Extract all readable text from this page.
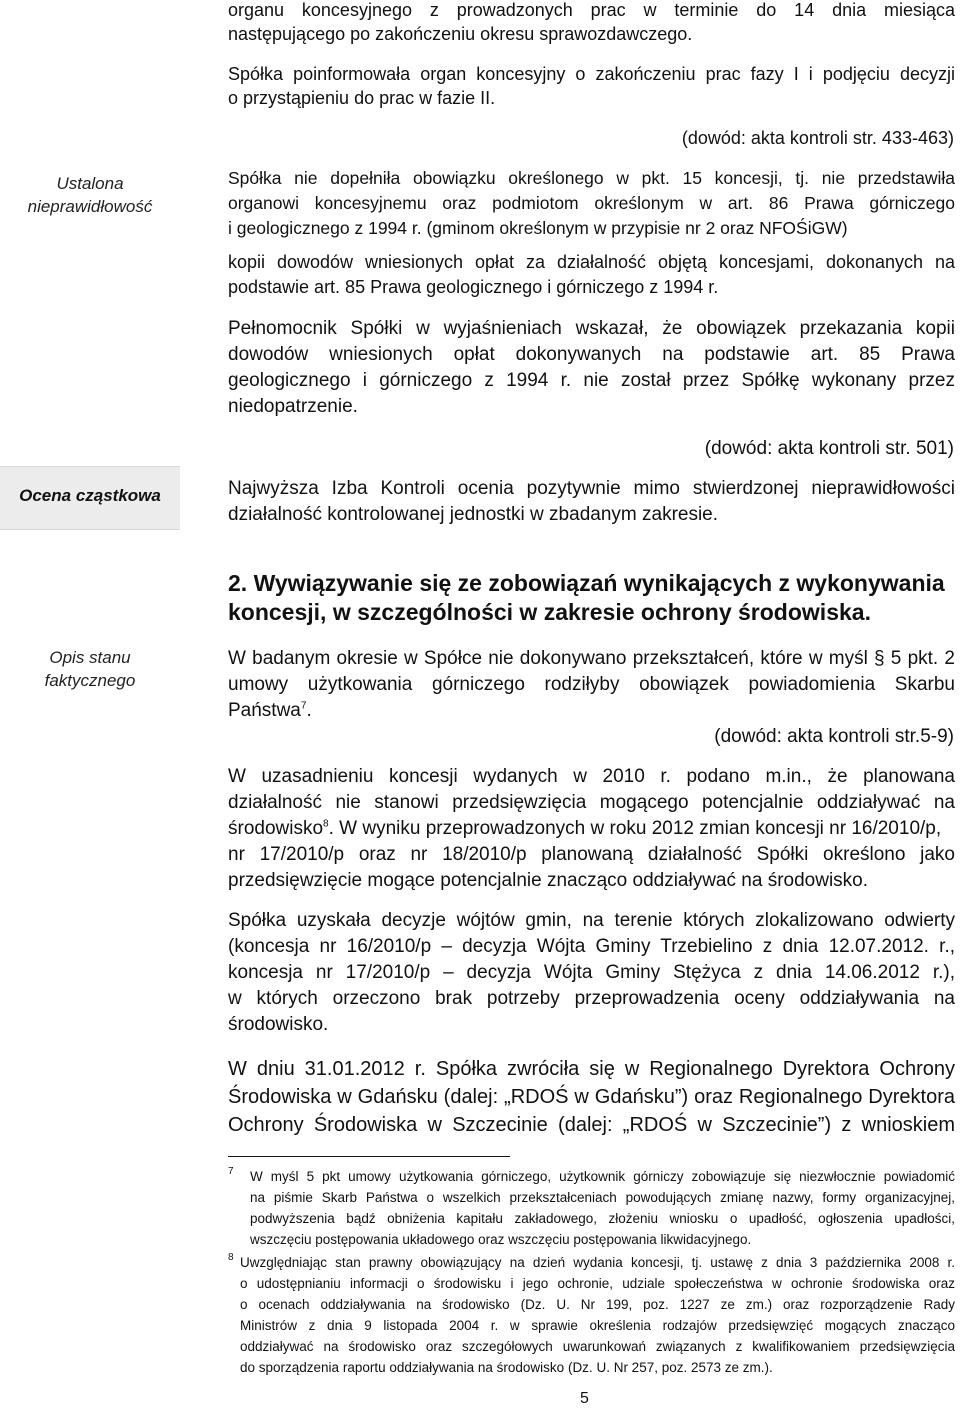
Ustalona
nieprawidłowość
Ocena cząstkowa
Opis stanu
faktycznego
organu koncesyjnego z prowadzonych prac w terminie do 14 dnia miesiąca
następującego po zakończeniu okresu sprawozdawczego.
Spółka poinformowała organ koncesyjny o zakończeniu prac fazy I i podjęciu decyzji
o przystąpieniu do prac w fazie II.
(dowód: akta kontroli str. 433-463)
Spółka nie dopełniła obowiązku określonego w pkt. 15 koncesji, tj. nie przedstawiła
organowi koncesyjnemu oraz podmiotom określonym w art. 86 Prawa górniczego
i geologicznego z 1994 r. (gminom określonym w przypisie nr 2 oraz NFOŚiGW)
kopii dowodów wniesionych opłat za działalność objętą koncesjami, dokonanych na
podstawie art. 85 Prawa geologicznego i górniczego z 1994 r.
Pełnomocnik Spółki w wyjaśnieniach wskazał, że obowiązek przekazania kopii
dowodów wniesionych opłat dokonywanych na podstawie art. 85 Prawa
geologicznego i górniczego z 1994 r. nie został przez Spółkę wykonany przez
niedopatrzenie.
(dowód: akta kontroli str. 501)
Najwyższa Izba Kontroli ocenia pozytywnie mimo stwierdzonej nieprawidłowości
działalność kontrolowanej jednostki w zbadanym zakresie.
2. Wywiązywanie się ze zobowiązań wynikających z wykonywania
koncesji, w szczególności w zakresie ochrony środowiska.
W badanym okresie w Spółce nie dokonywano przekształceń, które w myśl § 5 pkt. 2
umowy użytkowania górniczego rodziłyby obowiązek powiadomienia Skarbu
Państwa$^7$.
(dowód: akta kontroli str.5-9)
W uzasadnieniu koncesji wydanych w 2010 r. podano m.in., że planowana
działalność nie stanowi przedsięwzięcia mogącego potencjalnie oddziaływać na
środowisko$^8$. W wyniku przeprowadzonych w roku 2012 zmian koncesji nr 16/2010/p,
nr 17/2010/p oraz nr 18/2010/p planowaną działalność Spółki określono jako
przedsięwzięcie mogące potencjalnie znacząco oddziaływać na środowisko.
Spółka uzyskała decyzje wójtów gmin, na terenie których zlokalizowano odwierty
(koncesja nr 16/2010/p – decyzja Wójta Gminy Trzebielino z dnia 12.07.2012. r.,
koncesja nr 17/2010/p – decyzja Wójta Gminy Stężyca z dnia 14.06.2012 r.),
w których orzeczono brak potrzeby przeprowadzenia oceny oddziaływania na
środowisko.
W dniu 31.01.2012 r. Spółka zwróciła się w Regionalnego Dyrektora Ochrony
Środowiska w Gdańsku (dalej: „RDOŚ w Gdańsku”) oraz Regionalnego Dyrektora
Ochrony Środowiska w Szczecinie (dalej: „RDOŚ w Szczecinie”) z wnioskiem
7 W myśl 5 pkt umowy użytkowania górniczego, użytkownik górniczy zobowiązuje się niezwłocznie powiadomić
na piśmie Skarb Państwa o wszelkich przekształceniach powodujących zmianę nazwy, formy organizacyjnej,
podwyższenia bądź obniżenia kapitału zakładowego, złożeniu wniosku o upadłość, ogłoszenia upadłości,
wszczęciu postępowania układowego oraz wszczęciu postępowania likwidacyjnego.
8 Uwzględniając stan prawny obowiązujący na dzień wydania koncesji, tj. ustawę z dnia 3 października 2008 r.
o udostępnianiu informacji o środowisku i jego ochronie, udziale społeczeństwa w ochronie środowiska oraz
o ocenach oddziaływania na środowisko (Dz. U. Nr 199, poz. 1227 ze zm.) oraz rozporządzenie Rady
Ministrów z dnia 9 listopada 2004 r. w sprawie określenia rodzajów przedsięwzięć mogących znacząco
oddziaływać na środowisko oraz szczegółowych uwarunkowań związanych z kwalifikowaniem przedsięwzięcia
do sporządzenia raportu oddziaływania na środowisko (Dz. U. Nr 257, poz. 2573 ze zm.).
5
